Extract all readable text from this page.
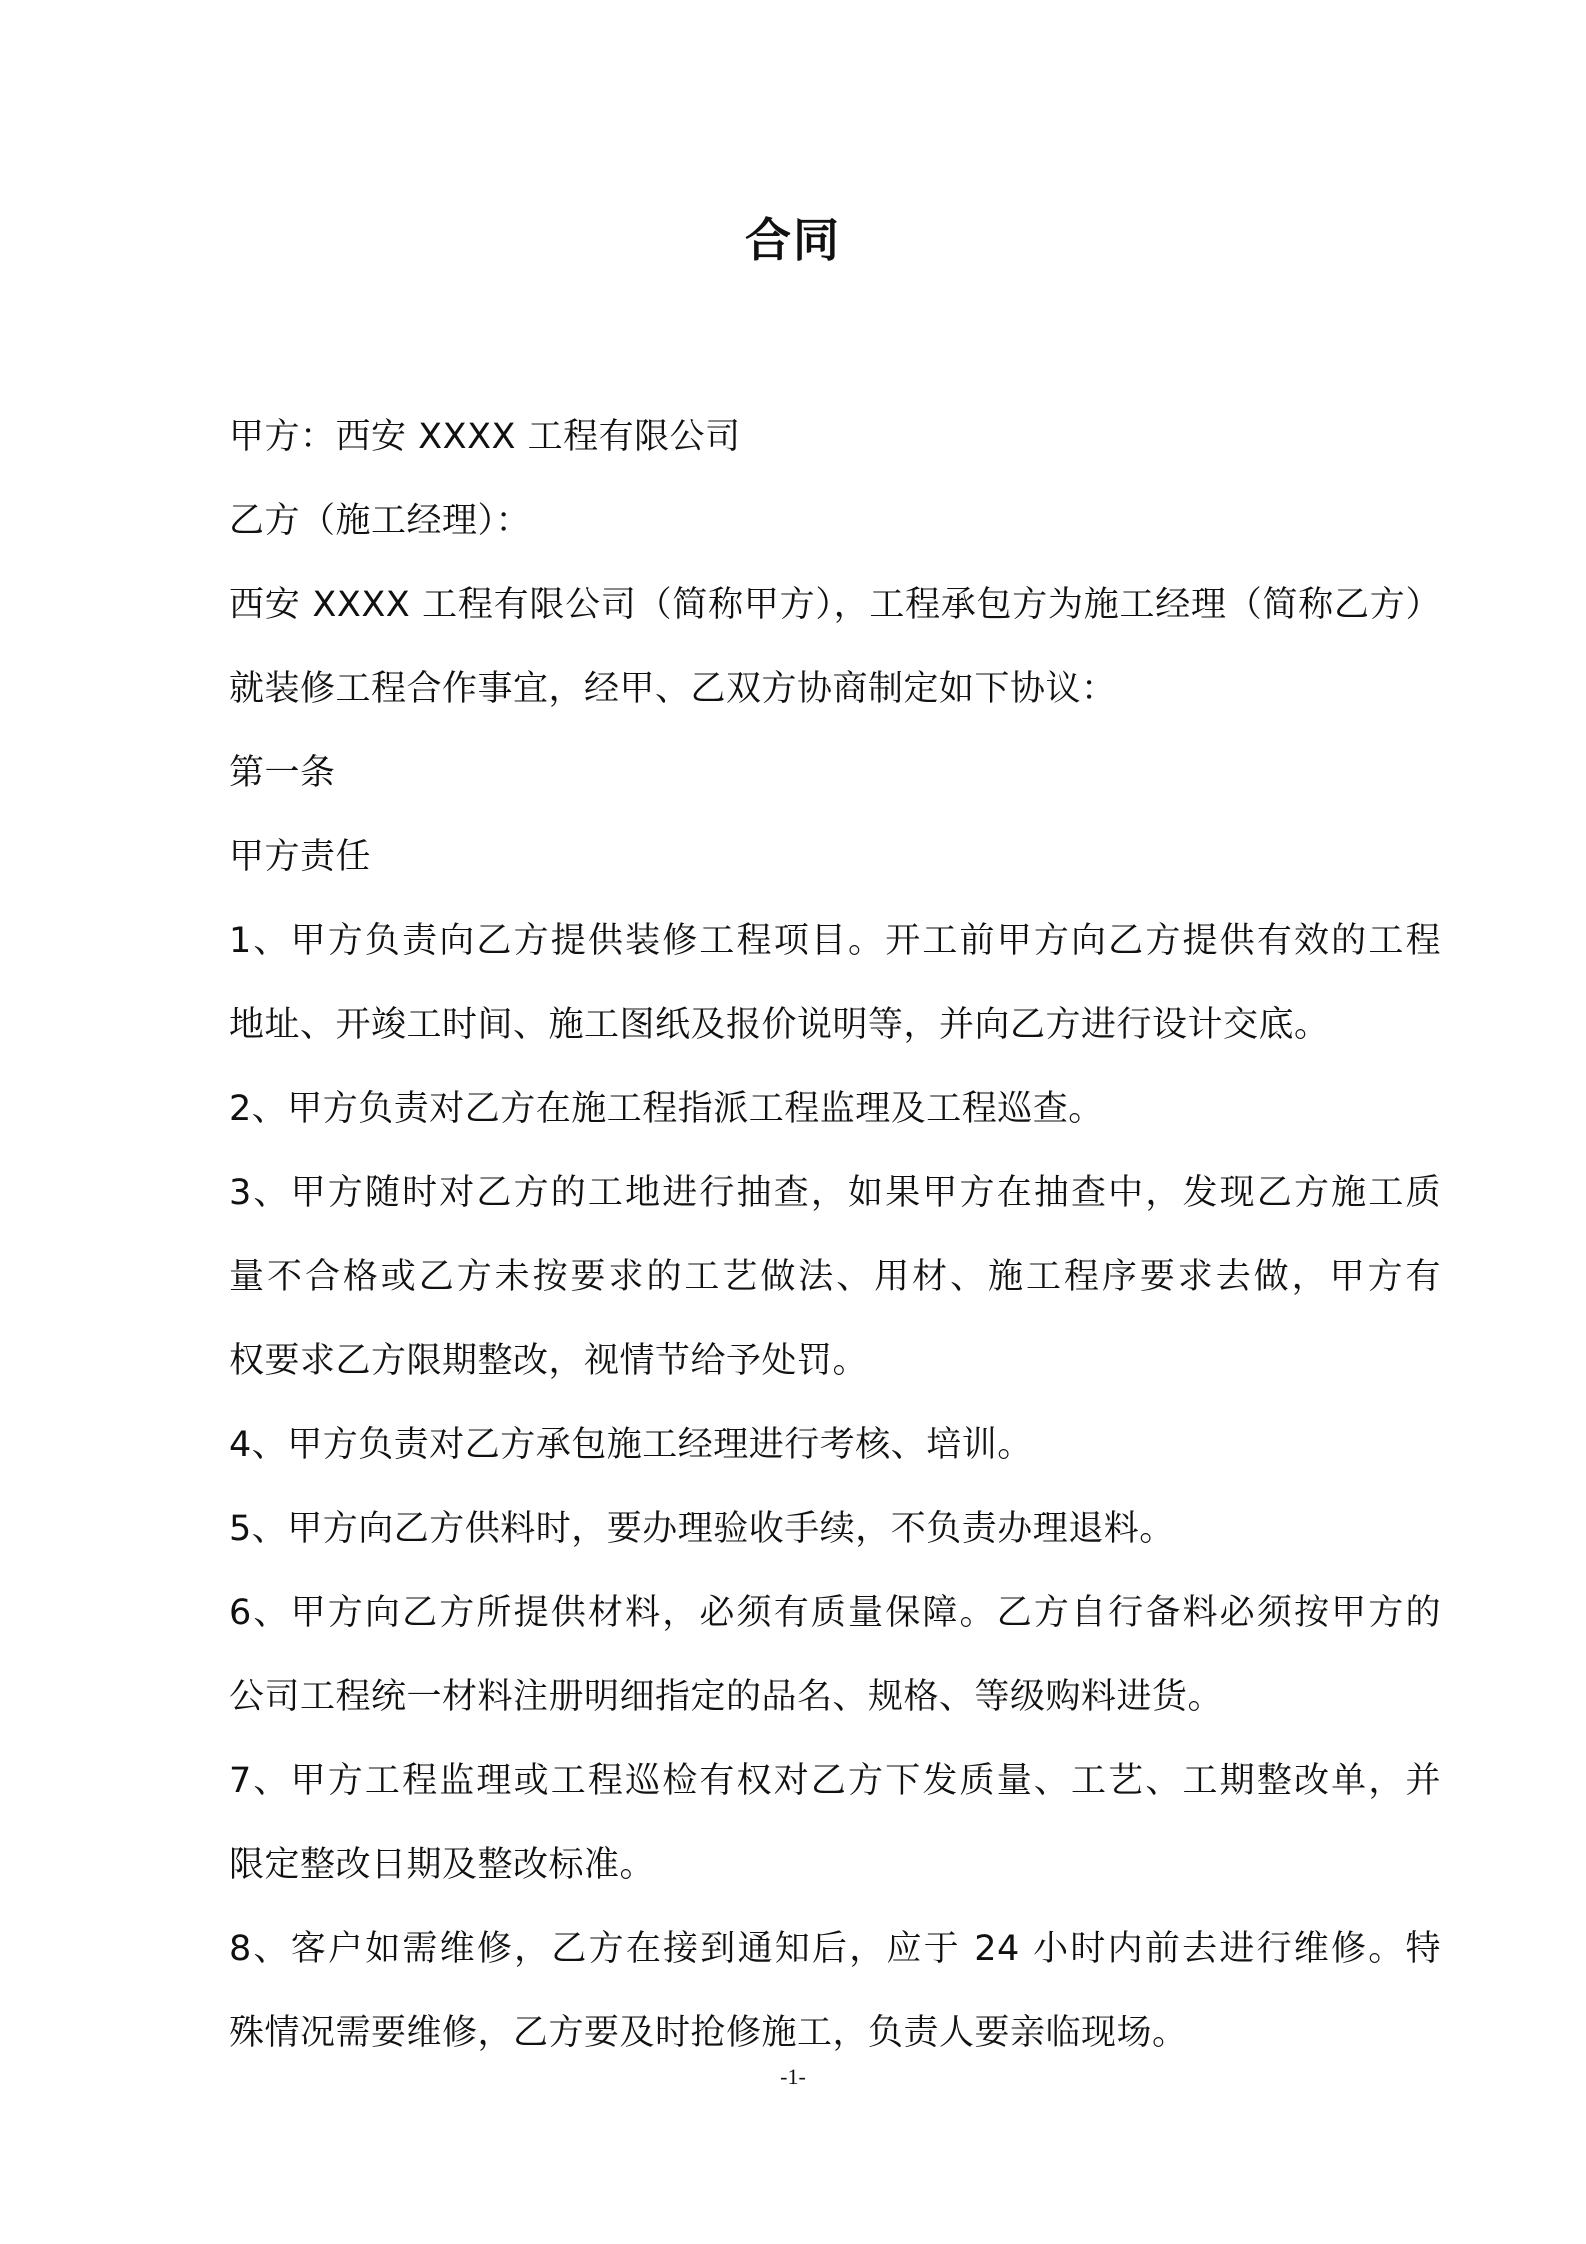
合同
甲方：西安 XXXX 工程有限公司
乙方（施工经理）：
西安 XXXX 工程有限公司（简称甲方），工程承包方为施工经理（简称乙方）
就装修工程合作事宜，经甲、乙双方协商制定如下协议：
第一条
甲方责任
1、甲方负责向乙方提供装修工程项目。开工前甲方向乙方提供有效的工程
地址、开竣工时间、施工图纸及报价说明等，并向乙方进行设计交底。
2、甲方负责对乙方在施工程指派工程监理及工程巡查。
3、甲方随时对乙方的工地进行抽查，如果甲方在抽查中，发现乙方施工质
量不合格或乙方未按要求的工艺做法、用材、施工程序要求去做，甲方有
权要求乙方限期整改，视情节给予处罚。
4、甲方负责对乙方承包施工经理进行考核、培训。
5、甲方向乙方供料时，要办理验收手续，不负责办理退料。
6、甲方向乙方所提供材料，必须有质量保障。乙方自行备料必须按甲方的
公司工程统一材料注册明细指定的品名、规格、等级购料进货。
7、甲方工程监理或工程巡检有权对乙方下发质量、工艺、工期整改单，并
限定整改日期及整改标准。
8、客户如需维修，乙方在接到通知后，应于 24 小时内前去进行维修。特
殊情况需要维修，乙方要及时抢修施工，负责人要亲临现场。
-1-
